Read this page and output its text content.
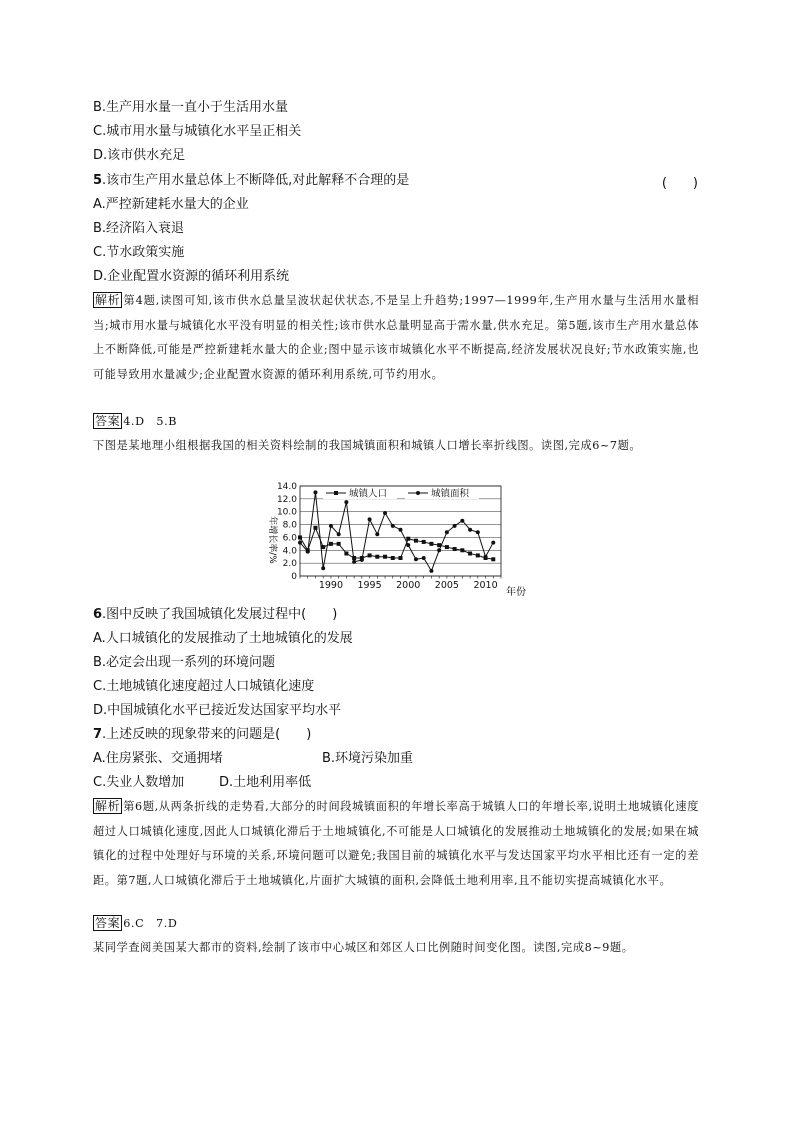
B.生产用水量一直小于生活用水量
C.城市用水量与城镇化水平呈正相关
D.该市供水充足
5.该市生产用水量总体上不断降低,对此解释不合理的是	(　　)
A.严控新建耗水量大的企业
B.经济陷入衰退
C.节水政策实施
D.企业配置水资源的循环利用系统
解析 第4题,读图可知,该市供水总量呈波状起伏状态,不是呈上升趋势;1997—1999年,生产用水量与生活用水量相当;城市用水量与城镇化水平没有明显的相关性;该市供水总量明显高于需水量,供水充足。第5题,该市生产用水量总体上不断降低,可能是严控新建耗水量大的企业;图中显示该市城镇化水平不断提高,经济发展状况良好;节水政策实施,也可能导致用水量减少;企业配置水资源的循环利用系统,可节约用水。
答案 4.D　5.B
下图是某地理小组根据我国的相关资料绘制的我国城镇面积和城镇人口增长率折线图。读图,完成6~7题。
0
2.0
4.0
6.0
8.0
10.0
12.0
14.0
1990 1995 2000 2005 2010
城镇人口	城镇面积
年增长率/%
年份
6.图中反映了我国城镇化发展过程中(　　)
A.人口城镇化的发展推动了土地城镇化的发展
B.必定会出现一系列的环境问题
C.土地城镇化速度超过人口城镇化速度
D.中国城镇化水平已接近发达国家平均水平
7.上述反映的现象带来的问题是(　　)
A.住房紧张、交通拥堵	B.环境污染加重
C.失业人数增加	D.土地利用率低
解析 第6题,从两条折线的走势看,大部分的时间段城镇面积的年增长率高于城镇人口的年增长率,说明土地城镇化速度超过人口城镇化速度,因此人口城镇化滞后于土地城镇化,不可能是人口城镇化的发展推动土地城镇化的发展;如果在城镇化的过程中处理好与环境的关系,环境问题可以避免;我国目前的城镇化水平与发达国家平均水平相比还有一定的差距。第7题,人口城镇化滞后于土地城镇化,片面扩大城镇的面积,会降低土地利用率,且不能切实提高城镇化水平。
答案 6.C　7.D
某同学查阅美国某大都市的资料,绘制了该市中心城区和郊区人口比例随时间变化图。读图,完成8~9题。
